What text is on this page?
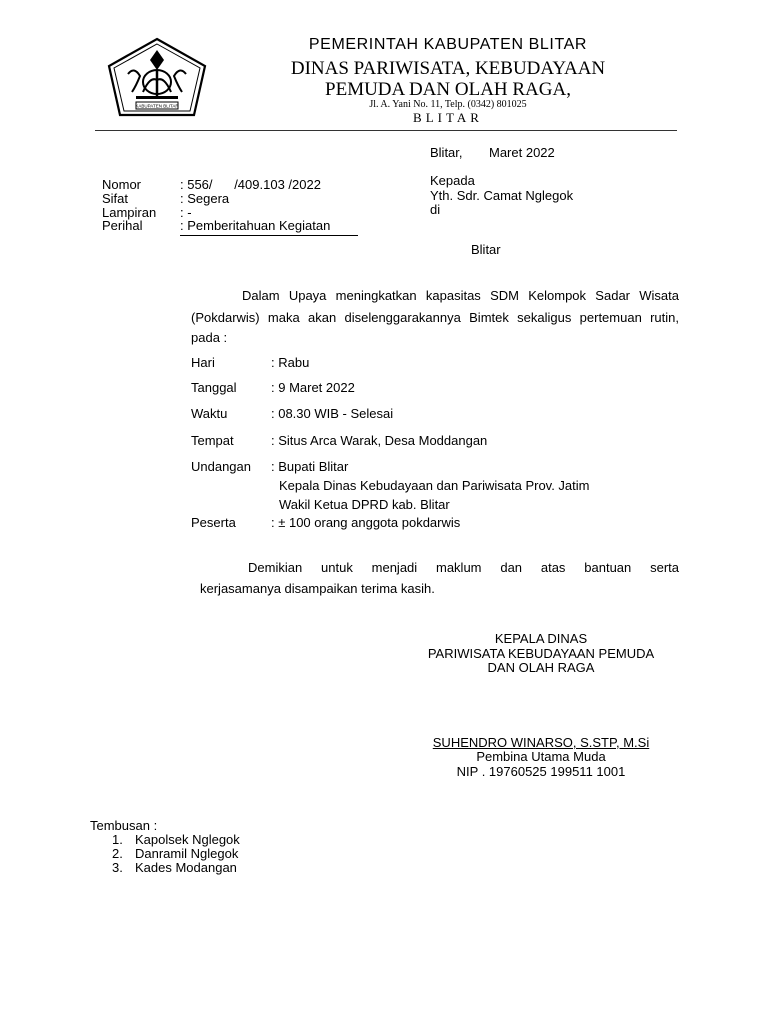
KABUPATEN BLITAR
PEMERINTAH KABUPATEN BLITAR
DINAS PARIWISATA, KEBUDAYAAN
PEMUDA DAN OLAH RAGA,
Jl. A. Yani No. 11, Telp. (0342) 801025
BLITAR
Blitar, Maret 2022
Kepada
Yth. Sdr. Camat Nglegok
di
Blitar
Nomor	: 556/      /409.103 /2022
Sifat	: Segera
Lampiran : -
Perihal	: Pemberitahuan Kegiatan
Dalam Upaya meningkatkan kapasitas SDM Kelompok Sadar Wisata
(Pokdarwis) maka akan diselenggarakannya Bimtek sekaligus pertemuan rutin,
pada :
Hari	: Rabu
Tanggal	: 9 Maret 2022
Waktu	: 08.30 WIB - Selesai
Tempat	: Situs Arca Warak, Desa Moddangan
Undangan : Bupati Blitar
Kepala Dinas Kebudayaan dan Pariwisata Prov. Jatim
Wakil Ketua DPRD kab. Blitar
Peserta	: ± 100 orang anggota pokdarwis
Demikian untuk menjadi maklum dan atas bantuan serta
kerjasamanya disampaikan terima kasih.
KEPALA DINAS
PARIWISATA KEBUDAYAAN PEMUDA
DAN OLAH RAGA
SUHENDRO WINARSO, S.STP, M.Si
Pembina Utama Muda
NIP . 19760525 199511 1001
Tembusan :
1. Kapolsek Nglegok
2. Danramil Nglegok
3. Kades Modangan
